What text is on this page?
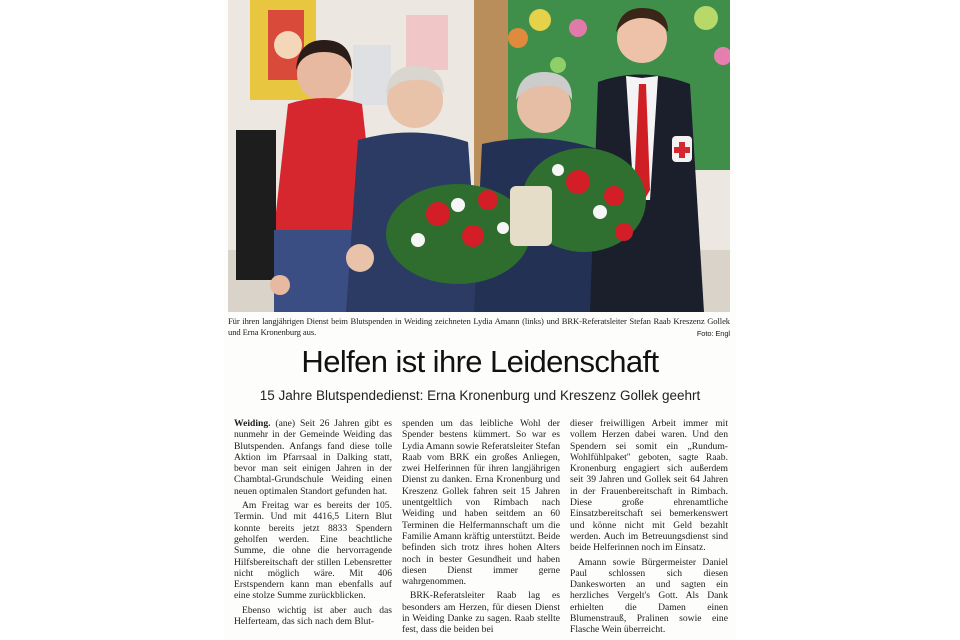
Für ihren langjährigen Dienst beim Blutspenden in Weiding zeichneten Lydia Amann (links) und BRK-Referatsleiter Stefan Raab Kreszenz Gollek und Erna Kronenburg aus.	Foto: Engl
Helfen ist ihre Leidenschaft
15 Jahre Blutspendedienst: Erna Kronenburg und Kreszenz Gollek geehrt

Weiding. (ane) Seit 26 Jahren gibt es nunmehr in der Gemeinde Weiding das Blutspenden. Anfangs fand diese tolle Aktion im Pfarrsaal in Dalking statt, bevor man seit einigen Jahren in der Chambtal-Grundschule Weiding einen neuen optimalen Standort gefunden hat.

Am Freitag war es bereits der 105. Termin. Und mit 4416,5 Litern Blut konnte bereits jetzt 8833 Spendern geholfen werden. Eine beachtliche Summe, die ohne die hervorragende Hilfsbereitschaft der stillen Lebensretter nicht möglich wäre. Mit 406 Erstspendern kann man ebenfalls auf eine stolze Summe zurückblicken.

Ebenso wichtig ist aber auch das Helferteam, das sich nach dem Blut-

spenden um das leibliche Wohl der Spender bestens kümmert. So war es Lydia Amann sowie Referatsleiter Stefan Raab vom BRK ein großes Anliegen, zwei Helferinnen für ihren langjährigen Dienst zu danken. Erna Kronenburg und Kreszenz Gollek fahren seit 15 Jahren unentgeltlich von Rimbach nach Weiding und haben seitdem an 60 Terminen die Helfermannschaft um die Familie Amann kräftig unterstützt. Beide befinden sich trotz ihres hohen Alters noch in bester Gesundheit und haben diesen Dienst immer gerne wahrgenommen.

BRK-Referatsleiter Raab lag es besonders am Herzen, für diesen Dienst in Weiding Danke zu sagen. Raab stellte fest, dass die beiden bei

dieser freiwilligen Arbeit immer mit vollem Herzen dabei waren. Und den Spendern sei somit ein „Rundum-Wohlfühlpaket" geboten, sagte Raab. Kronenburg engagiert sich außerdem seit 39 Jahren und Gollek seit 64 Jahren in der Frauenbereitschaft in Rimbach. Diese große ehrenamtliche Einsatzbereitschaft sei bemerkenswert und könne nicht mit Geld bezahlt werden. Auch im Betreuungsdienst sind beide Helferinnen noch im Einsatz.

Amann sowie Bürgermeister Daniel Paul schlossen sich diesen Dankesworten an und sagten ein herzliches Vergelt's Gott. Als Dank erhielten die Damen einen Blumenstrauß, Pralinen sowie eine Flasche Wein überreicht.
